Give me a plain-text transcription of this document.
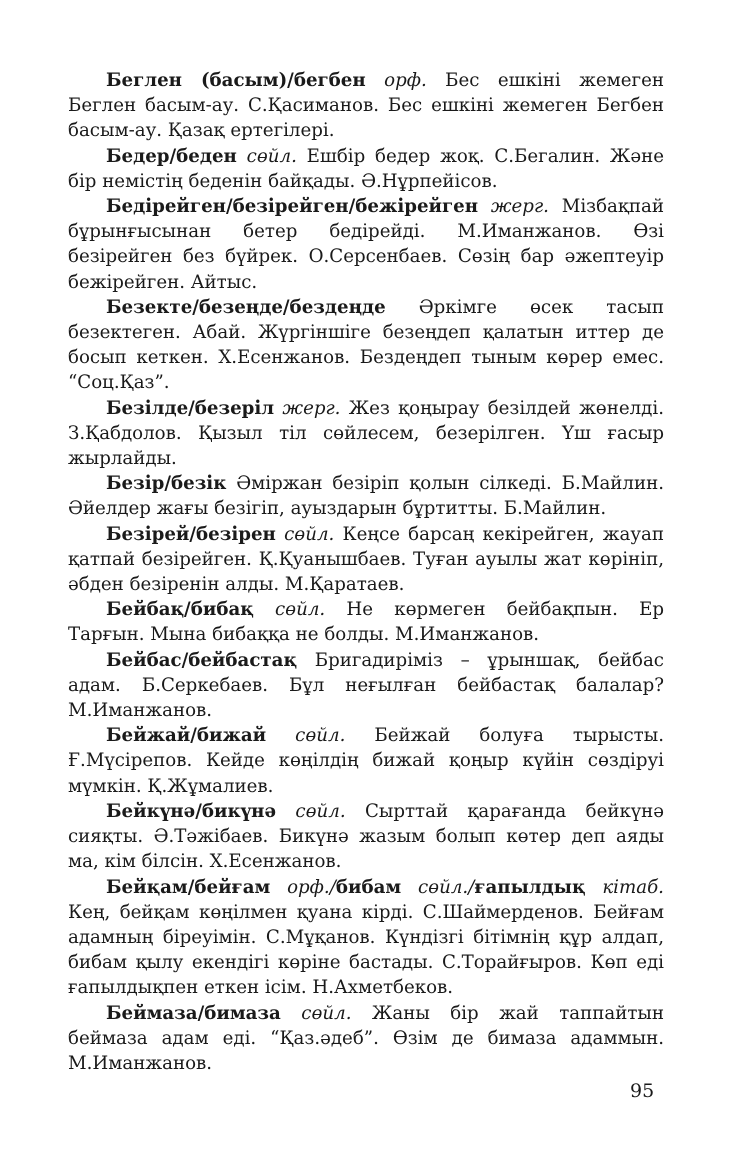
Беглен (басым)/бегбен орф. Бес ешкіні жемеген Беглен басым-ау. С.Қасиманов. Бес ешкіні жемеген Бегбен басым-ау. Қазақ ертегілері.

Бедер/беден сөйл. Ешбір бедер жоқ. С.Бегалин. Және бір немістің беденін байқады. Ә.Нұрпейісов.

Бедірейген/безірейген/бежірейген жерг. Мізбақпай бұрынғысынан бетер бедірейді. М.Иманжанов. Өзі безірейген без бүйрек. О.Серсенбаев. Сөзің бар әжептеуір бежірейген. Айтыс.

Безекте/безеңде/бездеңде Әркімге өсек тасып безектеген. Абай. Жүргіншіге безеңдеп қалатын иттер де босып кеткен. Х.Есенжанов. Бездеңдеп тыным көрер емес. “Соц.Қаз”.

Безілде/безеріл жерг. Жез қоңырау безілдей жөнелді. З.Қабдолов. Қызыл тіл сөйлесем, безерілген. Үш ғасыр жырлайды.

Безір/безік Әміржан безіріп қолын сілкеді. Б.Майлин. Әйелдер жағы безігіп, ауыздарын бұртитты. Б.Майлин.

Безірей/безірен сөйл. Кеңсе барсаң кекірейген, жауап қатпай безірейген. Қ.Қуанышбаев. Туған ауылы жат көрініп, әбден безіренін алды. М.Қаратаев.

Бейбақ/бибақ сөйл. Не көрмеген бейбақпын. Ер Тарғын. Мына бибаққа не болды. М.Иманжанов.

Бейбас/бейбастақ Бригадиріміз – ұрыншақ, бейбас адам. Б.Серкебаев. Бұл неғылған бейбастақ балалар? М.Иманжанов.

Бейжай/бижай сөйл. Бейжай болуға тырысты. Ғ.Мүсірепов. Кейде көңілдің бижай қоңыр күйін сөздіруі мүмкін. Қ.Жұмалиев.

Бейкүнә/бикүнә сөйл. Сырттай қарағанда бейкүнә сияқты. Ә.Тәжібаев. Бикүнә жазым болып көтер деп аяды ма, кім білсін. Х.Есенжанов.

Бейқам/бейғам орф./бибам сөйл./ғапылдық кітаб. Кең, бейқам көңілмен қуана кірді. С.Шаймерденов. Бейғам адамның біреуімін. С.Мұқанов. Күндізгі бітімнің құр алдап, бибам қылу екендігі көріне бастады. С.Торайғыров. Көп еді ғапылдықпен еткен ісім. Н.Ахметбеков.

Беймаза/бимаза сөйл. Жаны бір жай таппайтын беймаза адам еді. “Қаз.әдеб”. Өзім де бимаза адаммын. М.Иманжанов.

95
